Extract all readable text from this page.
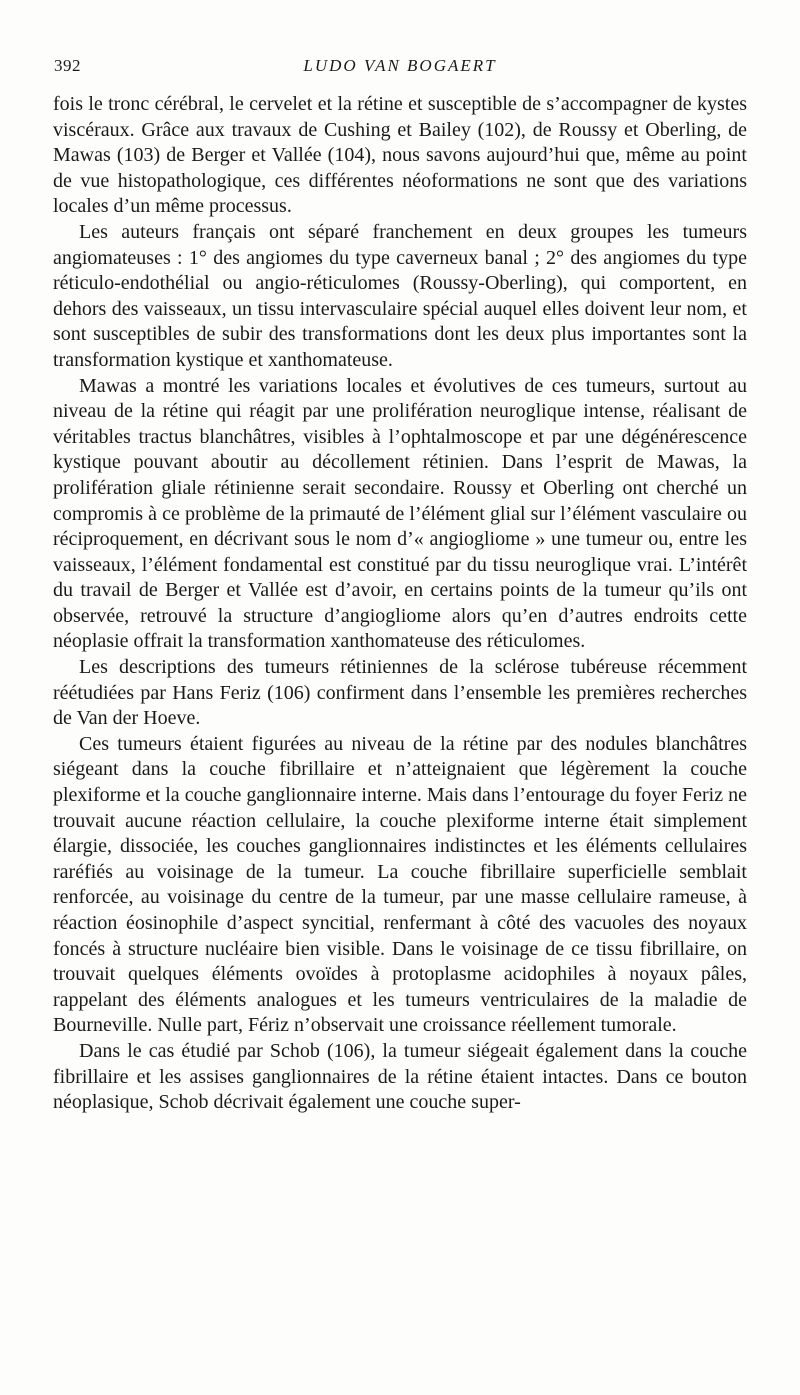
392	LUDO VAN BOGAERT

fois le tronc cérébral, le cervelet et la rétine et susceptible de s’accompagner de kystes viscéraux. Grâce aux travaux de Cushing et Bailey (102), de Roussy et Oberling, de Mawas (103) de Berger et Vallée (104), nous savons aujourd’hui que, même au point de vue histopathologique, ces différentes néoformations ne sont que des variations locales d’un même processus.

Les auteurs français ont séparé franchement en deux groupes les tumeurs angiomateuses : 1° des angiomes du type caverneux banal ; 2° des angiomes du type réticulo-endothélial ou angio-réticulomes (Roussy-Oberling), qui comportent, en dehors des vaisseaux, un tissu intervasculaire spécial auquel elles doivent leur nom, et sont susceptibles de subir des transformations dont les deux plus importantes sont la transformation kystique et xanthomateuse.

Mawas a montré les variations locales et évolutives de ces tumeurs, surtout au niveau de la rétine qui réagit par une prolifération neuroglique intense, réalisant de véritables tractus blanchâtres, visibles à l’ophtalmoscope et par une dégénérescence kystique pouvant aboutir au décollement rétinien. Dans l’esprit de Mawas, la prolifération gliale rétinienne serait secondaire. Roussy et Oberling ont cherché un compromis à ce problème de la primauté de l’élément glial sur l’élément vasculaire ou réciproquement, en décrivant sous le nom d’« angiogliome » une tumeur ou, entre les vaisseaux, l’élément fondamental est constitué par du tissu neuroglique vrai. L’intérêt du travail de Berger et Vallée est d’avoir, en certains points de la tumeur qu’ils ont observée, retrouvé la structure d’angiogliome alors qu’en d’autres endroits cette néoplasie offrait la transformation xanthomateuse des réticulomes.

Les descriptions des tumeurs rétiniennes de la sclérose tubéreuse récemment réétudiées par Hans Feriz (106) confirment dans l’ensemble les premières recherches de Van der Hoeve.

Ces tumeurs étaient figurées au niveau de la rétine par des nodules blanchâtres siégeant dans la couche fibrillaire et n’atteignaient que légèrement la couche plexiforme et la couche ganglionnaire interne. Mais dans l’entourage du foyer Feriz ne trouvait aucune réaction cellulaire, la couche plexiforme interne était simplement élargie, dissociée, les couches ganglionnaires indistinctes et les éléments cellulaires raréfiés au voisinage de la tumeur. La couche fibrillaire superficielle semblait renforcée, au voisinage du centre de la tumeur, par une masse cellulaire rameuse, à réaction éosinophile d’aspect syncitial, renfermant à côté des vacuoles des noyaux foncés à structure nucléaire bien visible. Dans le voisinage de ce tissu fibrillaire, on trouvait quelques éléments ovoïdes à protoplasme acidophiles à noyaux pâles, rappelant des éléments analogues et les tumeurs ventriculaires de la maladie de Bourneville. Nulle part, Fériz n’observait une croissance réellement tumorale.

Dans le cas étudié par Schob (106), la tumeur siégeait également dans la couche fibrillaire et les assises ganglionnaires de la rétine étaient intactes. Dans ce bouton néoplasique, Schob décrivait également une couche super-
